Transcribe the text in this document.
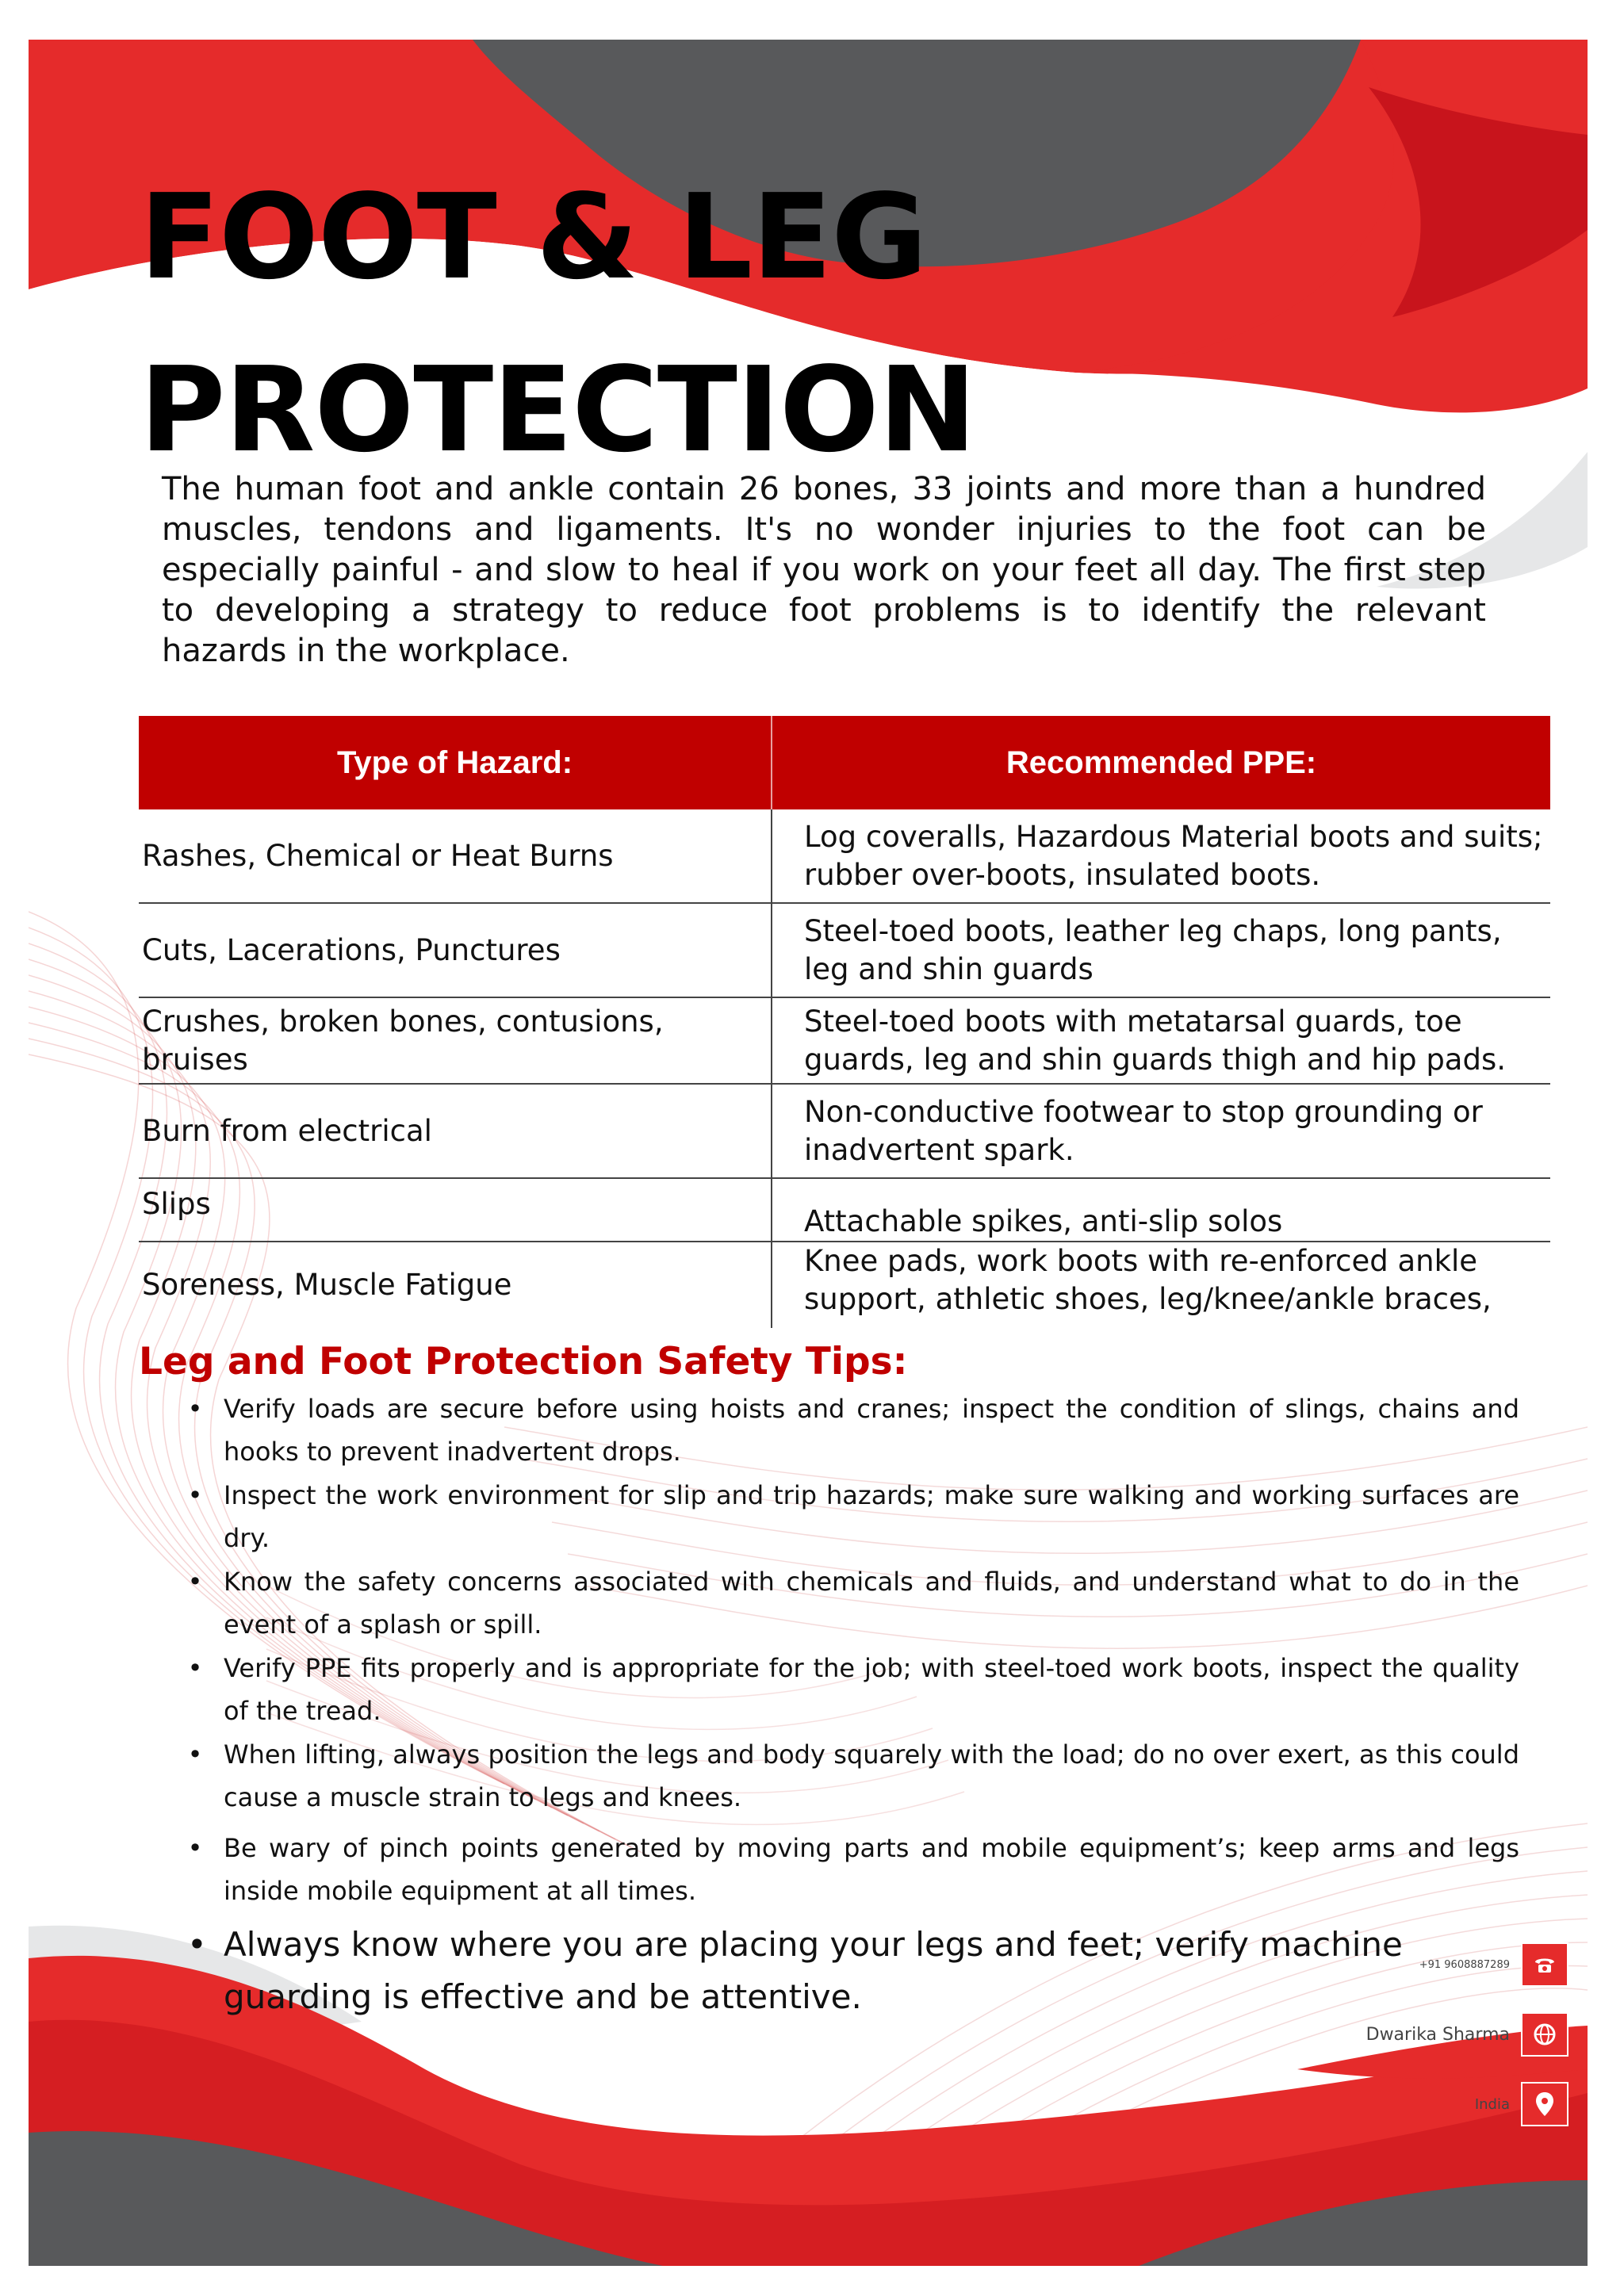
FOOT & LEG
PROTECTION

The human foot and ankle contain 26 bones, 33 joints and more than a hundred muscles, tendons and ligaments. It's no wonder injuries to the foot can be especially painful - and slow to heal if you work on your feet all day. The first step to developing a strategy to reduce foot problems is to identify the relevant hazards in the workplace.

Type of Hazard:	Recommended PPE:
Rashes, Chemical or Heat Burns	Log coveralls, Hazardous Material boots and suits; rubber over-boots, insulated boots.
Cuts, Lacerations, Punctures	Steel-toed boots, leather leg chaps, long pants, leg and shin guards
Crushes, broken bones, contusions, bruises	Steel-toed boots with metatarsal guards, toe guards, leg and shin guards thigh and hip pads.
Burn from electrical	Non-conductive footwear to stop grounding or inadvertent spark.
Slips	Attachable spikes, anti-slip solos
Soreness, Muscle Fatigue	Knee pads, work boots with re-enforced ankle support, athletic shoes, leg/knee/ankle braces,
Leg and Foot Protection Safety Tips:
• Verify loads are secure before using hoists and cranes; inspect the condition of slings, chains and hooks to prevent inadvertent drops.
• Inspect the work environment for slip and trip hazards; make sure walking and working surfaces are dry.
• Know the safety concerns associated with chemicals and fluids, and understand what to do in the event of a splash or spill.
• Verify PPE fits properly and is appropriate for the job; with steel-toed work boots, inspect the quality of the tread.
• When lifting, always position the legs and body squarely with the load; do no over exert, as this could cause a muscle strain to legs and knees.
• Be wary of pinch points generated by moving parts and mobile equipment’s; keep arms and legs inside mobile equipment at all times.
• Always know where you are placing your legs and feet; verify machine guarding is effective and be attentive.
+91 9608887289
Dwarika Sharma
India
